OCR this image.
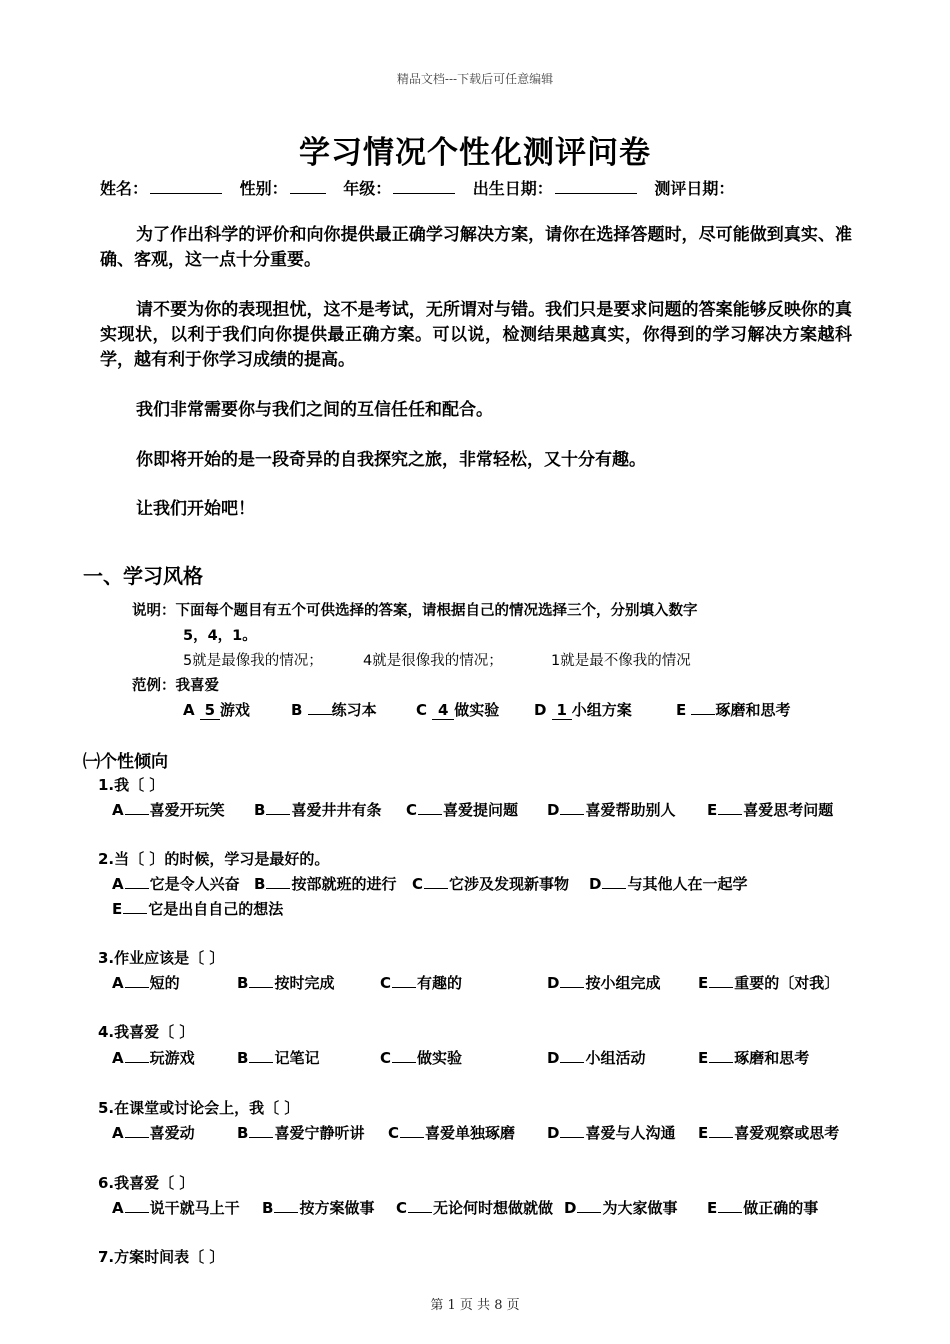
精品文档---下载后可任意编辑
学习情况个性化测评问卷
姓名：	性别：	年级：	出生日期：	测评日期：
为了作出科学的评价和向你提供最正确学习解决方案，请你在选择答题时，尽可能做到真实、准确、客观，这一点十分重要。
请不要为你的表现担忧，这不是考试，无所谓对与错。我们只是要求问题的答案能够反映你的真实现状，以利于我们向你提供最正确方案。可以说，检测结果越真实，你得到的学习解决方案越科学，越有利于你学习成绩的提高。
我们非常需要你与我们之间的互信任任和配合。
你即将开始的是一段奇异的自我探究之旅，非常轻松，又十分有趣。
让我们开始吧！
一、学习风格
说明：下面每个题目有五个可供选择的答案，请根据自己的情况选择三个，分别填入数字
5，4，1。
5就是最像我的情况；	4就是很像我的情况；	1就是最不像我的情况
范例：我喜爱
A 5 游戏	B 练习本	C 4 做实验 D 1 小组方案	E 琢磨和思考
㈠个性倾向
1.我〔 〕
A 喜爱开玩笑 B 喜爱井井有条 C 喜爱提问题 D 喜爱帮助别人 E 喜爱思考问题
2.当〔 〕的时候，学习是最好的。
A 它是令人兴奋 B 按部就班的进行 C 它涉及发现新事物 D 与其他人在一起学
E 它是出自自己的想法
3.作业应该是〔 〕
A 短的	B 按时完成	C 有趣的	D 按小组完成	E 重要的〔对我〕
4.我喜爱〔 〕
A 玩游戏	B 记笔记	C 做实验	D 小组活动	E 琢磨和思考
5.在课堂或讨论会上，我〔 〕
A 喜爱动	B 喜爱宁静听讲 C 喜爱单独琢磨 D 喜爱与人沟通 E 喜爱观察或思考
6.我喜爱〔 〕
A 说干就马上干 B 按方案做事 C 无论何时想做就做 D 为大家做事 E 做正确的事
7.方案时间表〔 〕
第 1 页 共 8 页
